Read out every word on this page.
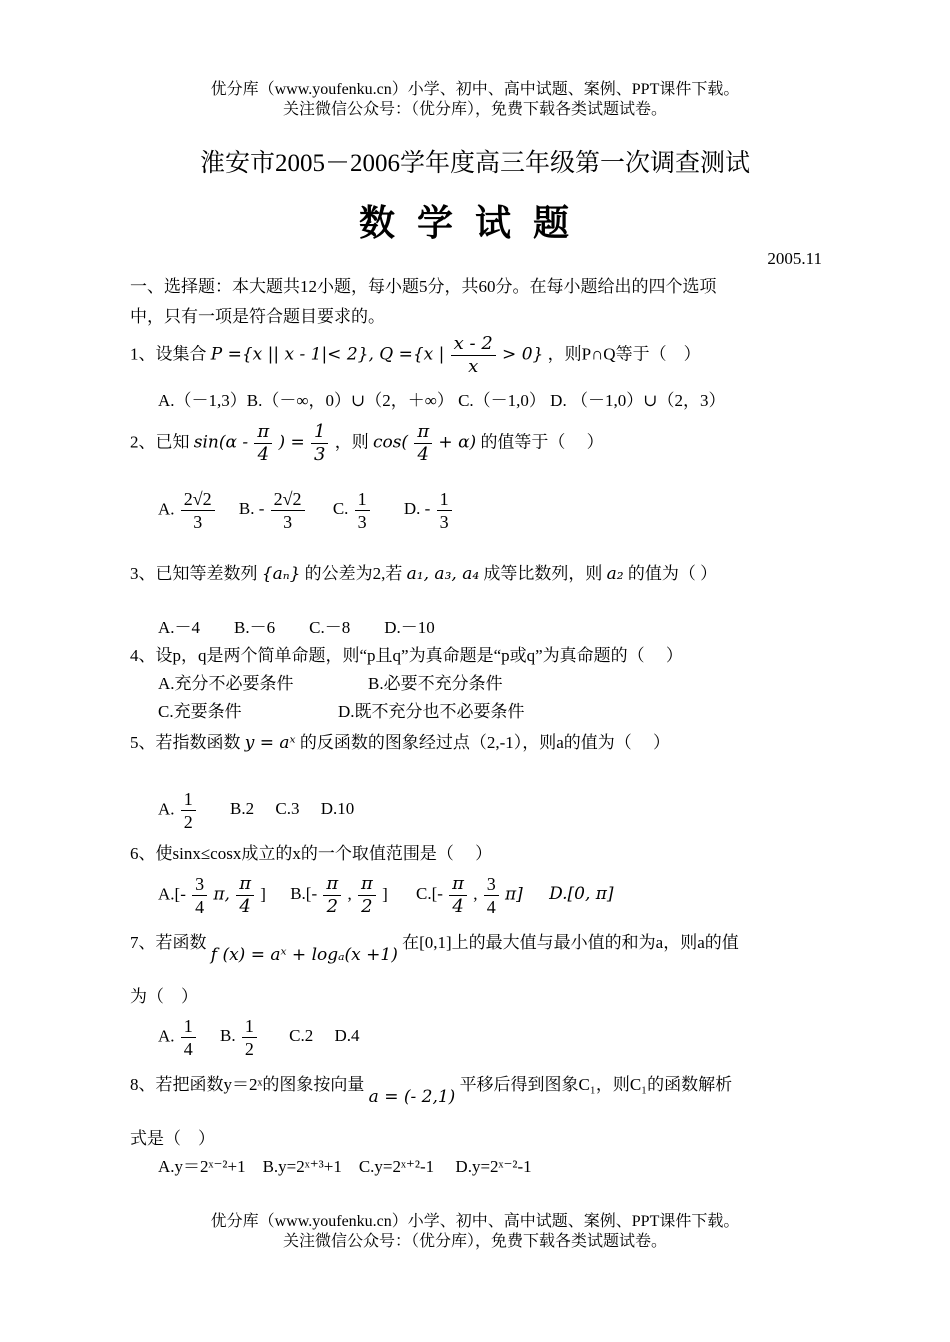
优分库（www.youfenku.cn）小学、初中、高中试题、案例、PPT课件下载。
关注微信公众号：（优分库），免费下载各类试题试卷。
淮安市2005－2006学年度高三年级第一次调查测试
数学试题
2005.11
一、选择题：本大题共12小题，每小题5分，共60分。在每小题给出的四个选项
中，只有一项是符合题目要求的。
1、设集合 P ={x || x - 1|< 2}, Q ={x | $\frac{x - 2}{x} > 0$} ，则P∩Q等于（　）
A.（－1,3）B.（－∞，0）∪（2，＋∞） C.（－1,0） D. （－1,0）∪（2，3）
2、已知 $\sin(\alpha - \frac{\pi}{4}$ ) = $\frac{1}{3}$ ，则 $\cos( \frac{\pi}{4} + \alpha)$ 的值等于（　 ）
A. $\frac{2√2}{3} B$. - $\frac{2√2}{3} C$. $\frac{1}{3} D$. - $\frac{1}{3}$
3、已知等差数列 {aₙ} 的公差为2,若 a₁, a₃, a₄ 成等比数列，则 a₂ 的值为（ ）
A.－4　　B.－6　　C.－8　　D.－10
4、设p，q是两个简单命题，则“p且q”为真命题是“p或q”为真命题的（　 ）
A.充分不必要条件	B.必要不充分条件
C.充要条件	D.既不充分也不必要条件
5、若指数函数 y = aˣ 的反函数的图象经过点（2,-1），则a的值为（　 ）
A. $\frac{1}{2} B.2$　 C.3　 D.10
6、使sinx≤cosx成立的x的一个取值范围是（　 ）
$A.[- \frac{3}{4} \pi$, $\frac{\pi}{4}$ ] $B.[- \frac{\pi}{2}$ , $\frac{\pi}{2}$ ] $C.[- \frac{\pi}{4}$ , $\frac{3}{4} \pi$] D.[0, π]
7、若函数 f (x) = aˣ + logₐ(x +1) 在[0,1]上的最大值与最小值的和为a，则a的值
为（　）
A. $\frac{1}{4} B$. $\frac{1}{2} C.2$　 D.4
8、若把函数y＝2ˣ的图象按向量 a = (- 2,1) 平移后得到图象C₁，则C₁的函数解析
式是（　）
A.y＝2ˣ⁻²+1　B.y=2ˣ⁺³+1　C.y=2ˣ⁺²-1　 D.y=2ˣ⁻²-1
优分库（www.youfenku.cn）小学、初中、高中试题、案例、PPT课件下载。
关注微信公众号：（优分库），免费下载各类试题试卷。
